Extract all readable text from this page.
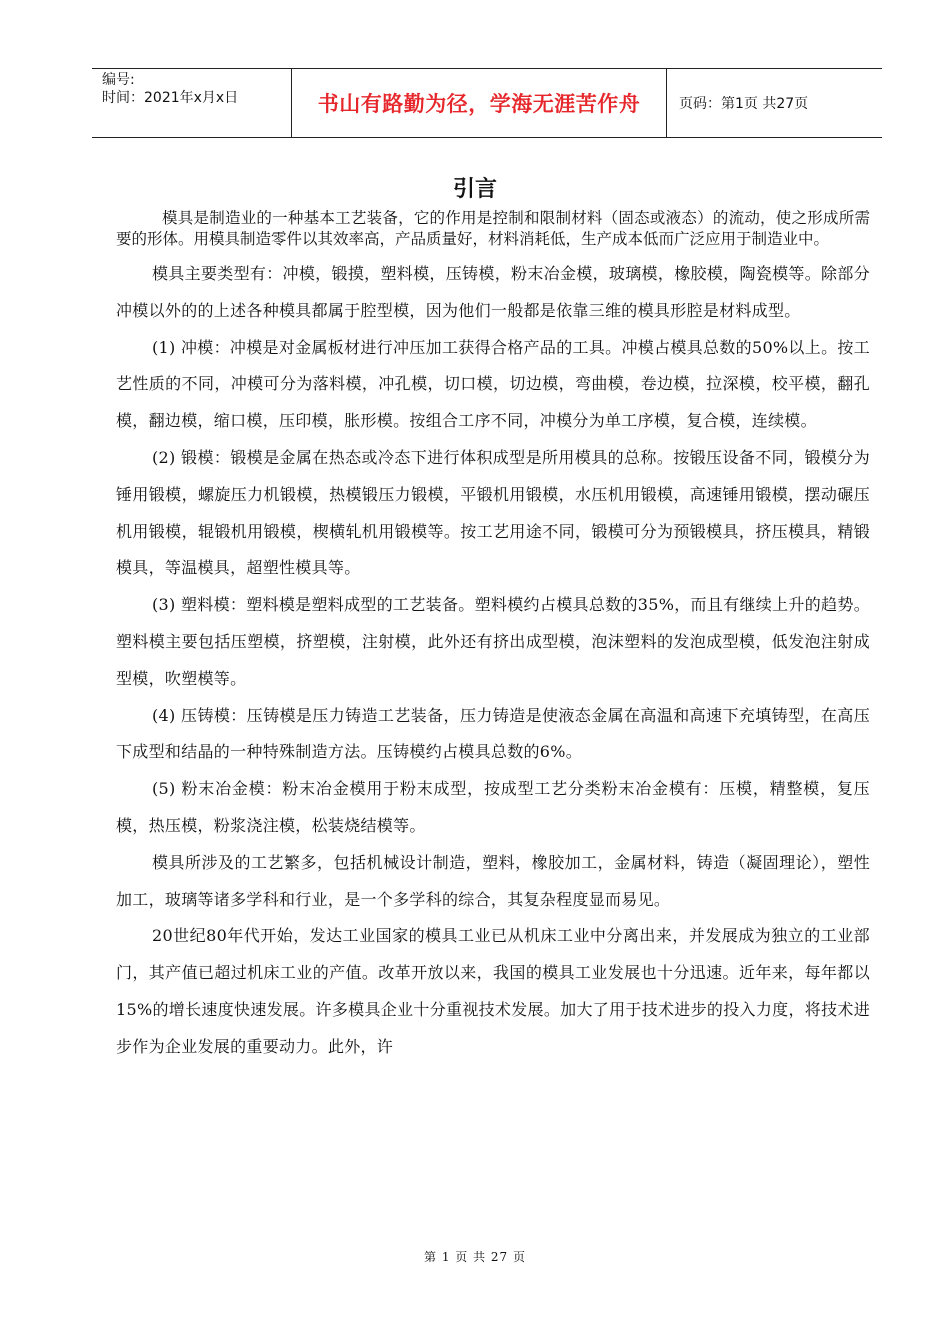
编号:
时间：2021年x月x日	书山有路勤为径，学海无涯苦作舟	页码：第1页 共27页
引言

模具是制造业的一种基本工艺装备，它的作用是控制和限制材料（固态或液态）的流动，使之形成所需要的形体。用模具制造零件以其效率高，产品质量好，材料消耗低，生产成本低而广泛应用于制造业中。

模具主要类型有：冲模，锻摸，塑料模，压铸模，粉末冶金模，玻璃模，橡胶模，陶瓷模等。除部分冲模以外的的上述各种模具都属于腔型模，因为他们一般都是依靠三维的模具形腔是材料成型。

(1) 冲模：冲模是对金属板材进行冲压加工获得合格产品的工具。冲模占模具总数的50%以上。按工艺性质的不同，冲模可分为落料模，冲孔模，切口模，切边模，弯曲模，卷边模，拉深模，校平模，翻孔模，翻边模，缩口模，压印模，胀形模。按组合工序不同，冲模分为单工序模，复合模，连续模。

(2) 锻模：锻模是金属在热态或冷态下进行体积成型是所用模具的总称。按锻压设备不同，锻模分为锤用锻模，螺旋压力机锻模，热模锻压力锻模，平锻机用锻模，水压机用锻模，高速锤用锻模，摆动碾压机用锻模，辊锻机用锻模，楔横轧机用锻模等。按工艺用途不同，锻模可分为预锻模具，挤压模具，精锻模具，等温模具，超塑性模具等。

(3) 塑料模：塑料模是塑料成型的工艺装备。塑料模约占模具总数的35%，而且有继续上升的趋势。塑料模主要包括压塑模，挤塑模，注射模，此外还有挤出成型模，泡沫塑料的发泡成型模，低发泡注射成型模，吹塑模等。

(4) 压铸模：压铸模是压力铸造工艺装备，压力铸造是使液态金属在高温和高速下充填铸型，在高压下成型和结晶的一种特殊制造方法。压铸模约占模具总数的6%。

(5) 粉末冶金模：粉末冶金模用于粉末成型，按成型工艺分类粉末冶金模有：压模，精整模，复压模，热压模，粉浆浇注模，松装烧结模等。

模具所涉及的工艺繁多，包括机械设计制造，塑料，橡胶加工，金属材料，铸造（凝固理论），塑性加工，玻璃等诸多学科和行业，是一个多学科的综合，其复杂程度显而易见。

20世纪80年代开始，发达工业国家的模具工业已从机床工业中分离出来，并发展成为独立的工业部门，其产值已超过机床工业的产值。改革开放以来，我国的模具工业发展也十分迅速。近年来，每年都以15%的增长速度快速发展。许多模具企业十分重视技术发展。加大了用于技术进步的投入力度，将技术进步作为企业发展的重要动力。此外，许

第 1 页 共 27 页
